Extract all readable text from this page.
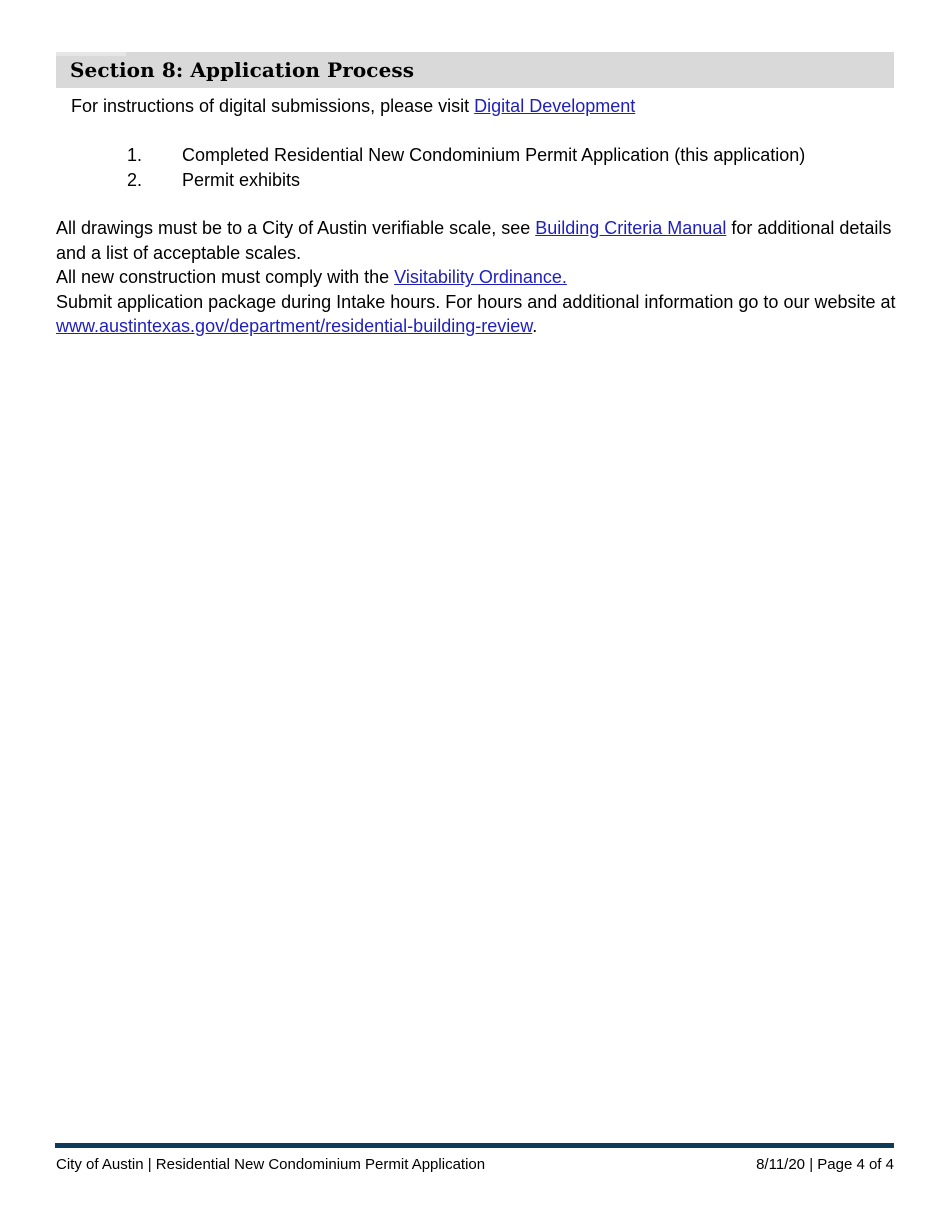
Section 8: Application Process
For instructions of digital submissions, please visit Digital Development
1.	Completed Residential New Condominium Permit Application (this application)
2.	Permit exhibits

All drawings must be to a City of Austin verifiable scale, see Building Criteria Manual for additional details and a list of acceptable scales.

All new construction must comply with the Visitability Ordinance.

Submit application package during Intake hours. For hours and additional information go to our website at www.austintexas.gov/department/residential-building-review.

City of Austin | Residential New Condominium Permit Application	8/11/20 | Page 4 of 4
